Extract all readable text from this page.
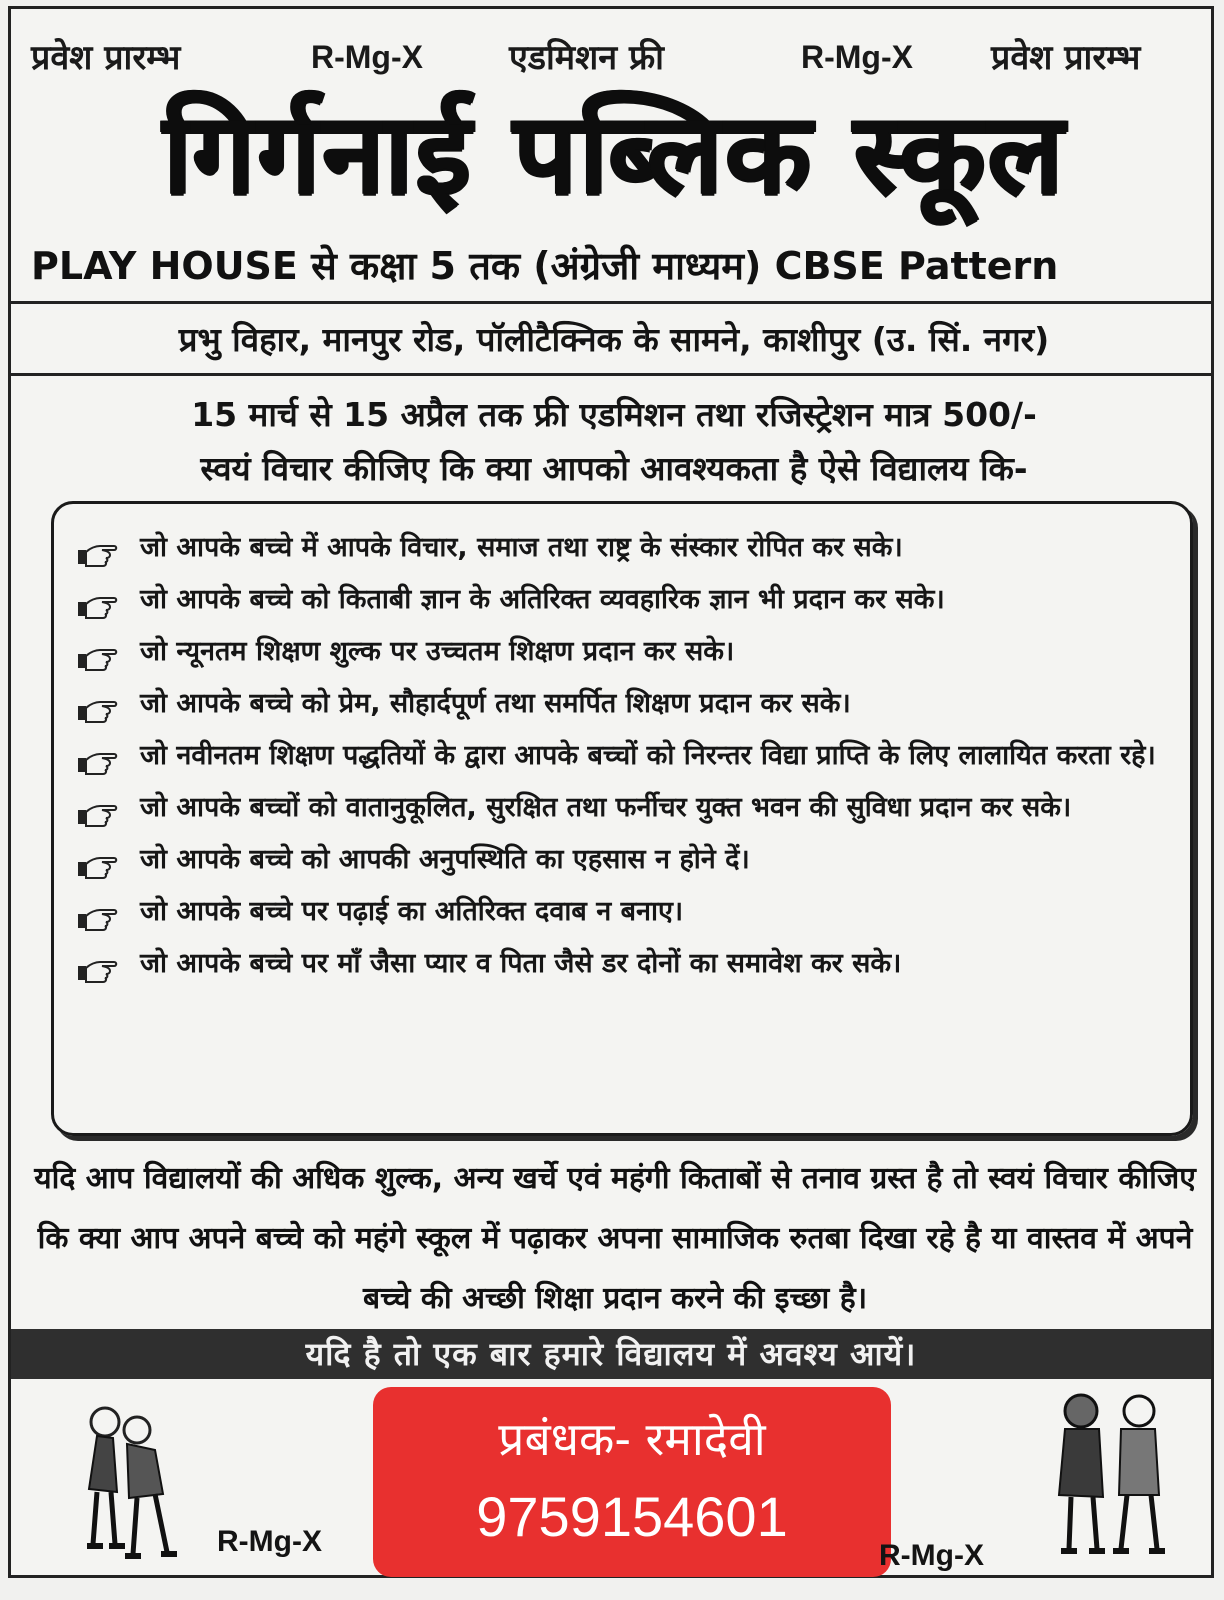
प्रवेश प्रारम्भ	R-Mg-X	एडमिशन फ्री	R-Mg-X प्रवेश प्रारम्भ
गिर्गनाई पब्लिक स्कूल
PLAY HOUSE से कक्षा 5 तक (अंग्रेजी माध्यम) CBSE Pattern
प्रभु विहार, मानपुर रोड, पॉलीटैक्निक के सामने, काशीपुर (उ. सिं. नगर)
15 मार्च से 15 अप्रैल तक फ्री एडमिशन तथा रजिस्ट्रेशन मात्र 500/-
स्वयं विचार कीजिए कि क्या आपको आवश्यकता है ऐसे विद्यालय कि-
जो आपके बच्चे में आपके विचार, समाज तथा राष्ट्र के संस्कार रोपित कर सके।
जो आपके बच्चे को किताबी ज्ञान के अतिरिक्त व्यवहारिक ज्ञान भी प्रदान कर सके।
जो न्यूनतम शिक्षण शुल्क पर उच्चतम शिक्षण प्रदान कर सके।
जो आपके बच्चे को प्रेम, सौहार्दपूर्ण तथा समर्पित शिक्षण प्रदान कर सके।
जो नवीनतम शिक्षण पद्धतियों के द्वारा आपके बच्चों को निरन्तर विद्या प्राप्ति के लिए लालायित करता रहे।
जो आपके बच्चों को वातानुकूलित, सुरक्षित तथा फर्नीचर युक्त भवन की सुविधा प्रदान कर सके।
जो आपके बच्चे को आपकी अनुपस्थिति का एहसास न होने दें।
जो आपके बच्चे पर पढ़ाई का अतिरिक्त दवाब न बनाए।
जो आपके बच्चे पर माँ जैसा प्यार व पिता जैसे डर दोनों का समावेश कर सके।
यदि आप विद्यालयों की अधिक शुल्क, अन्य खर्चे एवं महंगी किताबों से तनाव ग्रस्त है तो स्वयं विचार कीजिए कि क्या आप अपने बच्चे को महंगे स्कूल में पढ़ाकर अपना सामाजिक रुतबा दिखा रहे है या वास्तव में अपने बच्चे की अच्छी शिक्षा प्रदान करने की इच्छा है।
यदि है तो एक बार हमारे विद्यालय में अवश्य आयें।
R-Mg-X
प्रबंधक- रमादेवी
9759154601
R-Mg-X
